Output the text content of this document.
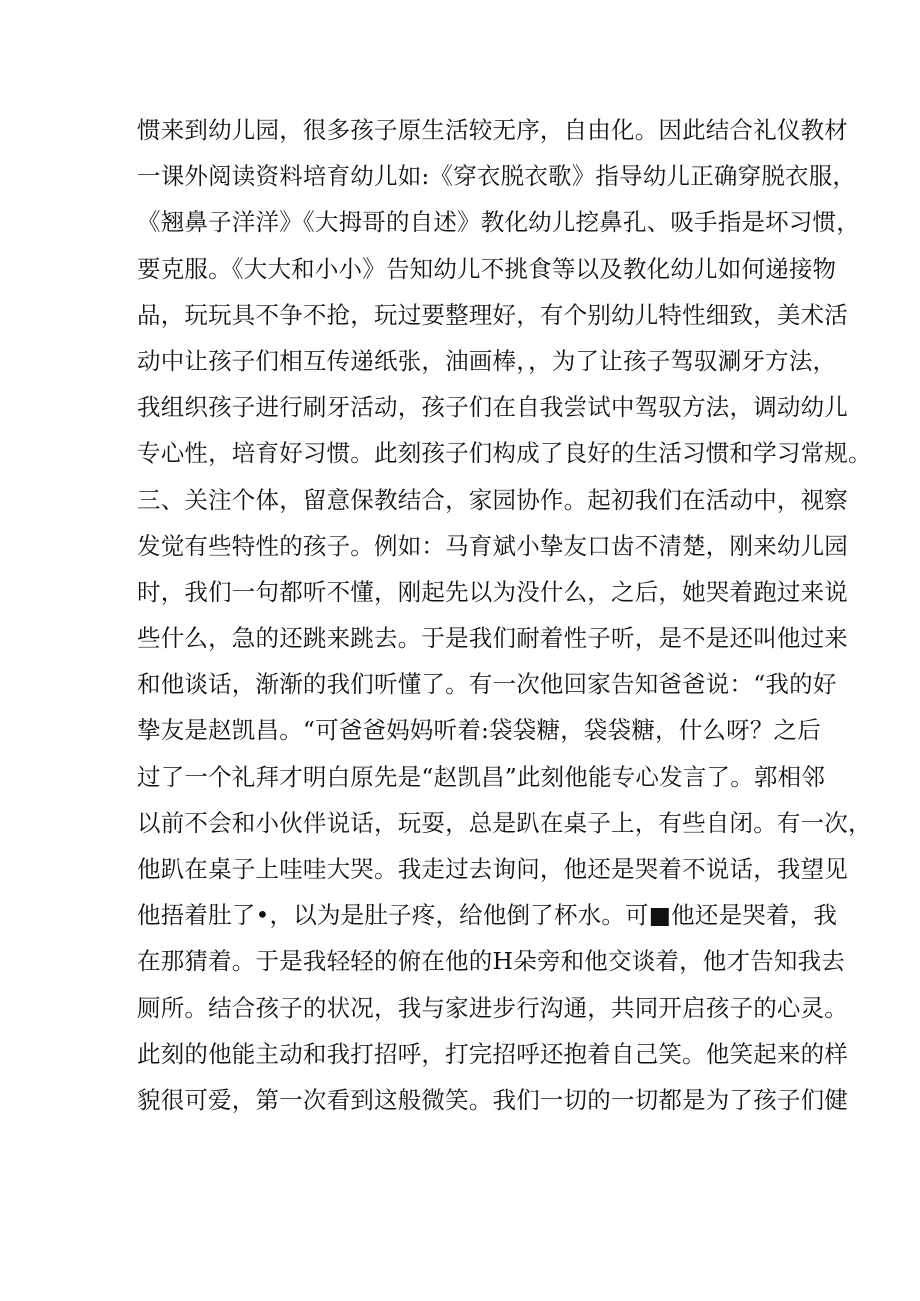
惯来到幼儿园，很多孩子原生活较无序，自由化。因此结合礼仪教材
一课外阅读资料培育幼儿如:《穿衣脱衣歌》指导幼儿正确穿脱衣服，
《翘鼻子洋洋》《大拇哥的自述》教化幼儿挖鼻孔、吸手指是坏习惯，
要克服。《大大和小小》告知幼儿不挑食等以及教化幼儿如何递接物
品，玩玩具不争不抢，玩过要整理好，有个别幼儿特性细致，美术活
动中让孩子们相互传递纸张，油画棒，，为了让孩子驾驭涮牙方法，
我组织孩子进行刷牙活动，孩子们在自我尝试中驾驭方法，调动幼儿
专心性，培育好习惯。此刻孩子们构成了良好的生活习惯和学习常规。
三、关注个体，留意保教结合，家园协作。起初我们在活动中，视察
发觉有些特性的孩子。例如：马育斌小挚友口齿不清楚，刚来幼儿园
时，我们一句都听不懂，刚起先以为没什么，之后，她哭着跑过来说
些什么，急的还跳来跳去。于是我们耐着性子听，是不是还叫他过来
和他谈话，渐渐的我们听懂了。有一次他回家告知爸爸说：“我的好
挚友是赵凯昌。“可爸爸妈妈听着:袋袋糖，袋袋糖，什么呀？之后
过了一个礼拜才明白原先是“赵凯昌”此刻他能专心发言了。郭相邻
以前不会和小伙伴说话，玩耍，总是趴在桌子上，有些自闭。有一次，
他趴在桌子上哇哇大哭。我走过去询问，他还是哭着不说话，我望见
他捂着肚了•，以为是肚子疼，给他倒了杯水。可■他还是哭着，我
在那猜着。于是我轻轻的俯在他的H朵旁和他交谈着，他才告知我去
厕所。结合孩子的状况，我与家进步行沟通，共同开启孩子的心灵。
此刻的他能主动和我打招呼，打完招呼还抱着自己笑。他笑起来的样
貌很可爱，第一次看到这般微笑。我们一切的一切都是为了孩子们健
